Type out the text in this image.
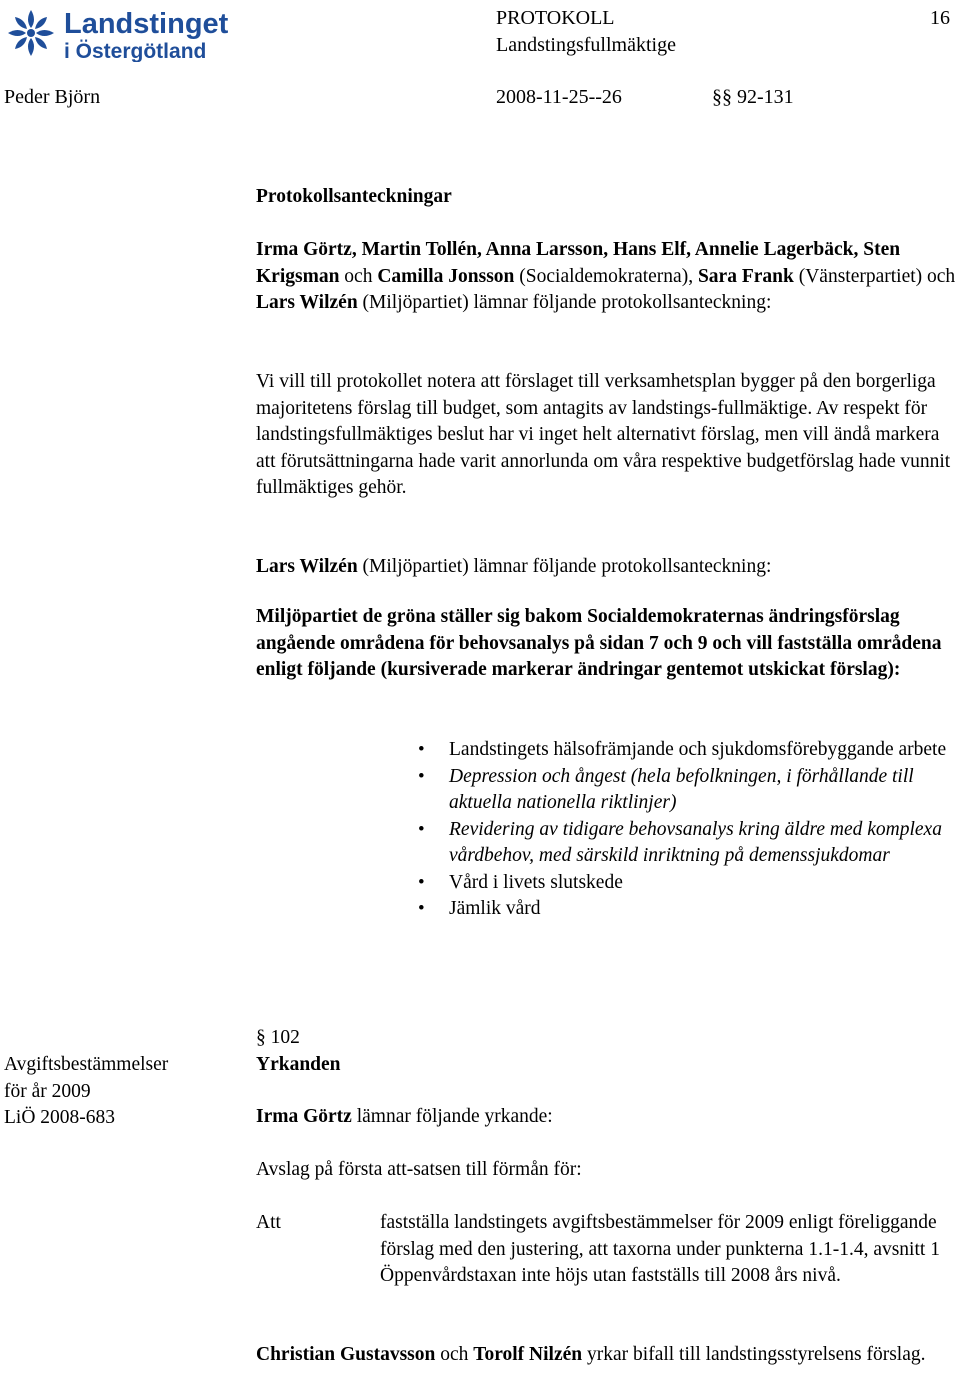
Landstinget
i Östergötland
PROTOKOLL
Landstingsfullmäktige
16
Peder Björn	2008-11-25--26	§§ 92-131

Protokollsanteckningar

Irma Görtz, Martin Tollén, Anna Larsson, Hans Elf, Annelie Lagerbäck, Sten Krigsman och Camilla Jonsson (Socialdemokraterna), Sara Frank (Vänsterpartiet) och Lars Wilzén (Miljöpartiet) lämnar följande protokollsanteckning:

Vi vill till protokollet notera att förslaget till verksamhetsplan bygger på den borgerliga majoritetens förslag till budget, som antagits av landstings-fullmäktige. Av respekt för landstingsfullmäktiges beslut har vi inget helt alternativt förslag, men vill ändå markera att förutsättningarna hade varit annorlunda om våra respektive budgetförslag hade vunnit fullmäktiges gehör.

Lars Wilzén (Miljöpartiet) lämnar följande protokollsanteckning:

Miljöpartiet de gröna ställer sig bakom Socialdemokraternas ändringsförslag angående områdena för behovsanalys på sidan 7 och 9 och vill fastställa områdena enligt följande (kursiverade markerar ändringar gentemot utskickat förslag):

• Landstingets hälsofrämjande och sjukdomsförebyggande arbete
• Depression och ångest (hela befolkningen, i förhållande till aktuella nationella riktlinjer)
• Revidering av tidigare behovsanalys kring äldre med komplexa vårdbehov, med särskild inriktning på demenssjukdomar
• Vård i livets slutskede
• Jämlik vård
Avgiftsbestämmelser
för år 2009
LiÖ 2008-683

§ 102

Yrkanden

Irma Görtz lämnar följande yrkande:

Avslag på första att-satsen till förmån för:

Att	fastställa landstingets avgiftsbestämmelser för 2009 enligt föreliggande förslag med den justering, att taxorna under punkterna 1.1-1.4, avsnitt 1 Öppenvårdstaxan inte höjs utan fastställs till 2008 års nivå.

Christian Gustavsson och Torolf Nilzén yrkar bifall till landstingsstyrelsens förslag.
